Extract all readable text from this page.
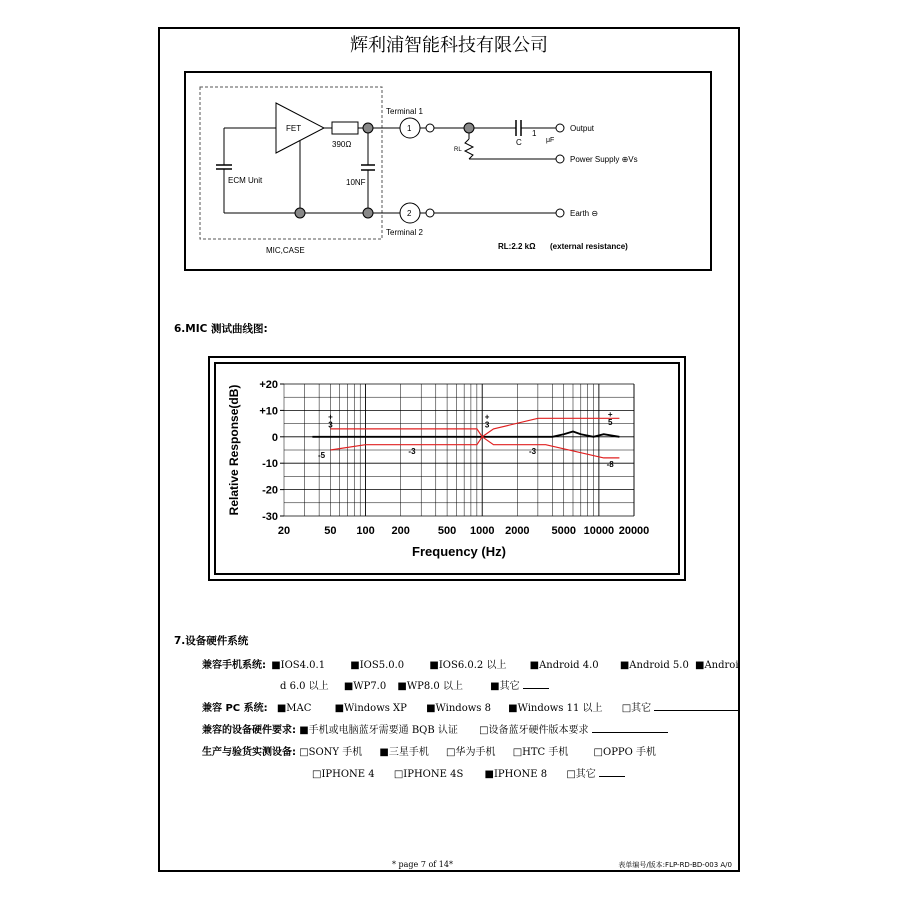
辉利浦智能科技有限公司
FET
390Ω
10NF
ECM Unit
MIC,CASE
Terminal 1
Terminal 2
1
2
RL
C
1
μF
Output
Power Supply ⊕Vs
Earth ⊖
RL:2.2 kΩ (external resistance)
6.MIC 测试曲线图:
+20
+10
0
-10
-20
-30
20	50 100 200	500 1000 2000 5000 10000 20000
Frequency (Hz)
Relative Response(dB)	+
3
-5	-3
+
3
-3
+
5
-8
7.设备硬件系统
兼容手机系统: ■IOS4.0.1	■IOS5.0.0	■IOS6.0.2 以上 ■Android 4.0 ■Android 5.0 ■Androi
d 6.0 以上 ■WP7.0 ■WP8.0 以上	■其它
兼容 PC 系统: ■MAC ■Windows XP ■Windows 8 ■Windows 11 以上 □其它
兼容的设备硬件要求: ■手机或电脑蓝牙需要通 BQB 认证 □设备蓝牙硬件版本要求
生产与验货实测设备: □SONY 手机 ■三星手机 □华为手机 □HTC 手机	□OPPO 手机
□IPHONE 4 □IPHONE 4S ■IPHONE 8 □其它
* page 7 of 14*	表单编号/版本:FLP-RD-BD-003 A/0
